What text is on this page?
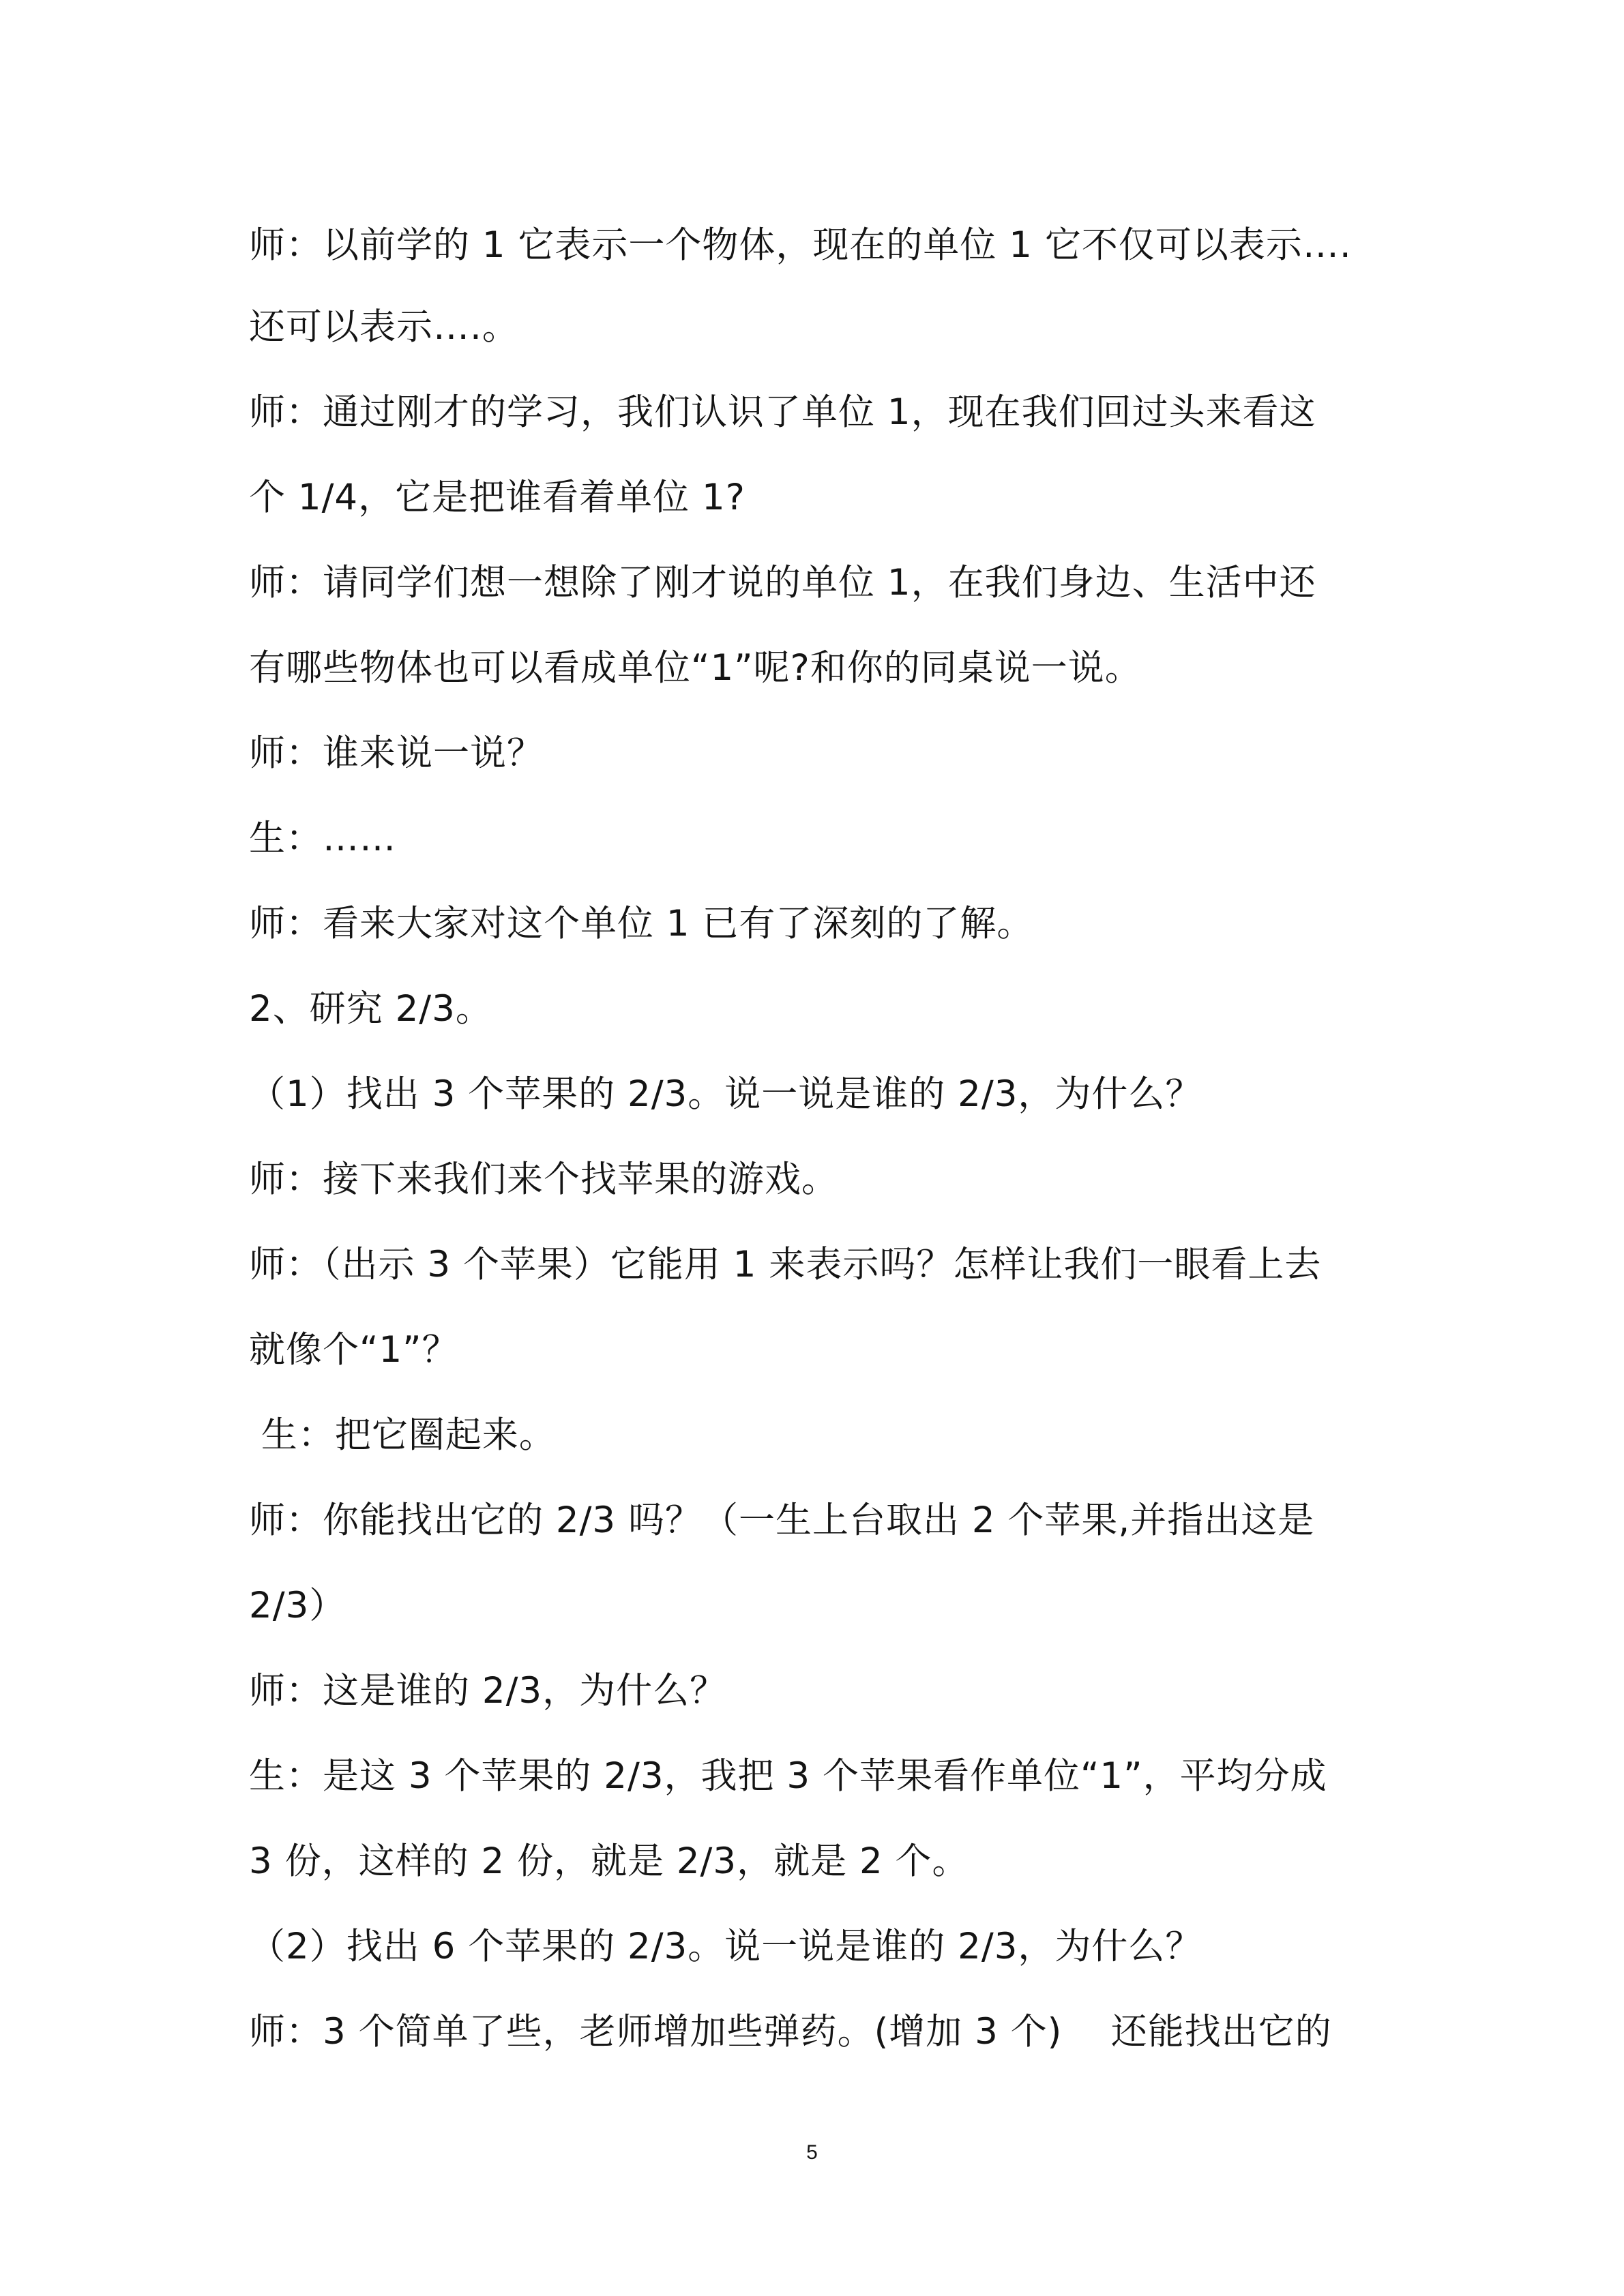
师：以前学的 1 它表示一个物体，现在的单位 1 它不仅可以表示….
还可以表示….。
师：通过刚才的学习，我们认识了单位 1，现在我们回过头来看这
个 1/4，它是把谁看着单位 1?
师：请同学们想一想除了刚才说的单位 1，在我们身边、生活中还
有哪些物体也可以看成单位“1”呢?和你的同桌说一说。
师：谁来说一说？
生：……
师：看来大家对这个单位 1 已有了深刻的了解。
2、研究 2/3。
（1）找出 3 个苹果的 2/3。说一说是谁的 2/3，为什么？
师：接下来我们来个找苹果的游戏。
师：（出示 3 个苹果）它能用 1 来表示吗？怎样让我们一眼看上去
就像个“1”？
生：把它圈起来。
师：你能找出它的 2/3 吗？（一生上台取出 2 个苹果,并指出这是
2/3）
师：这是谁的 2/3，为什么？
生：是这 3 个苹果的 2/3，我把 3 个苹果看作单位“1”，平均分成
3 份，这样的 2 份，就是 2/3，就是 2 个。
（2）找出 6 个苹果的 2/3。说一说是谁的 2/3，为什么？
师：3 个简单了些，老师增加些弹药。(增加 3 个)    还能找出它的
5
